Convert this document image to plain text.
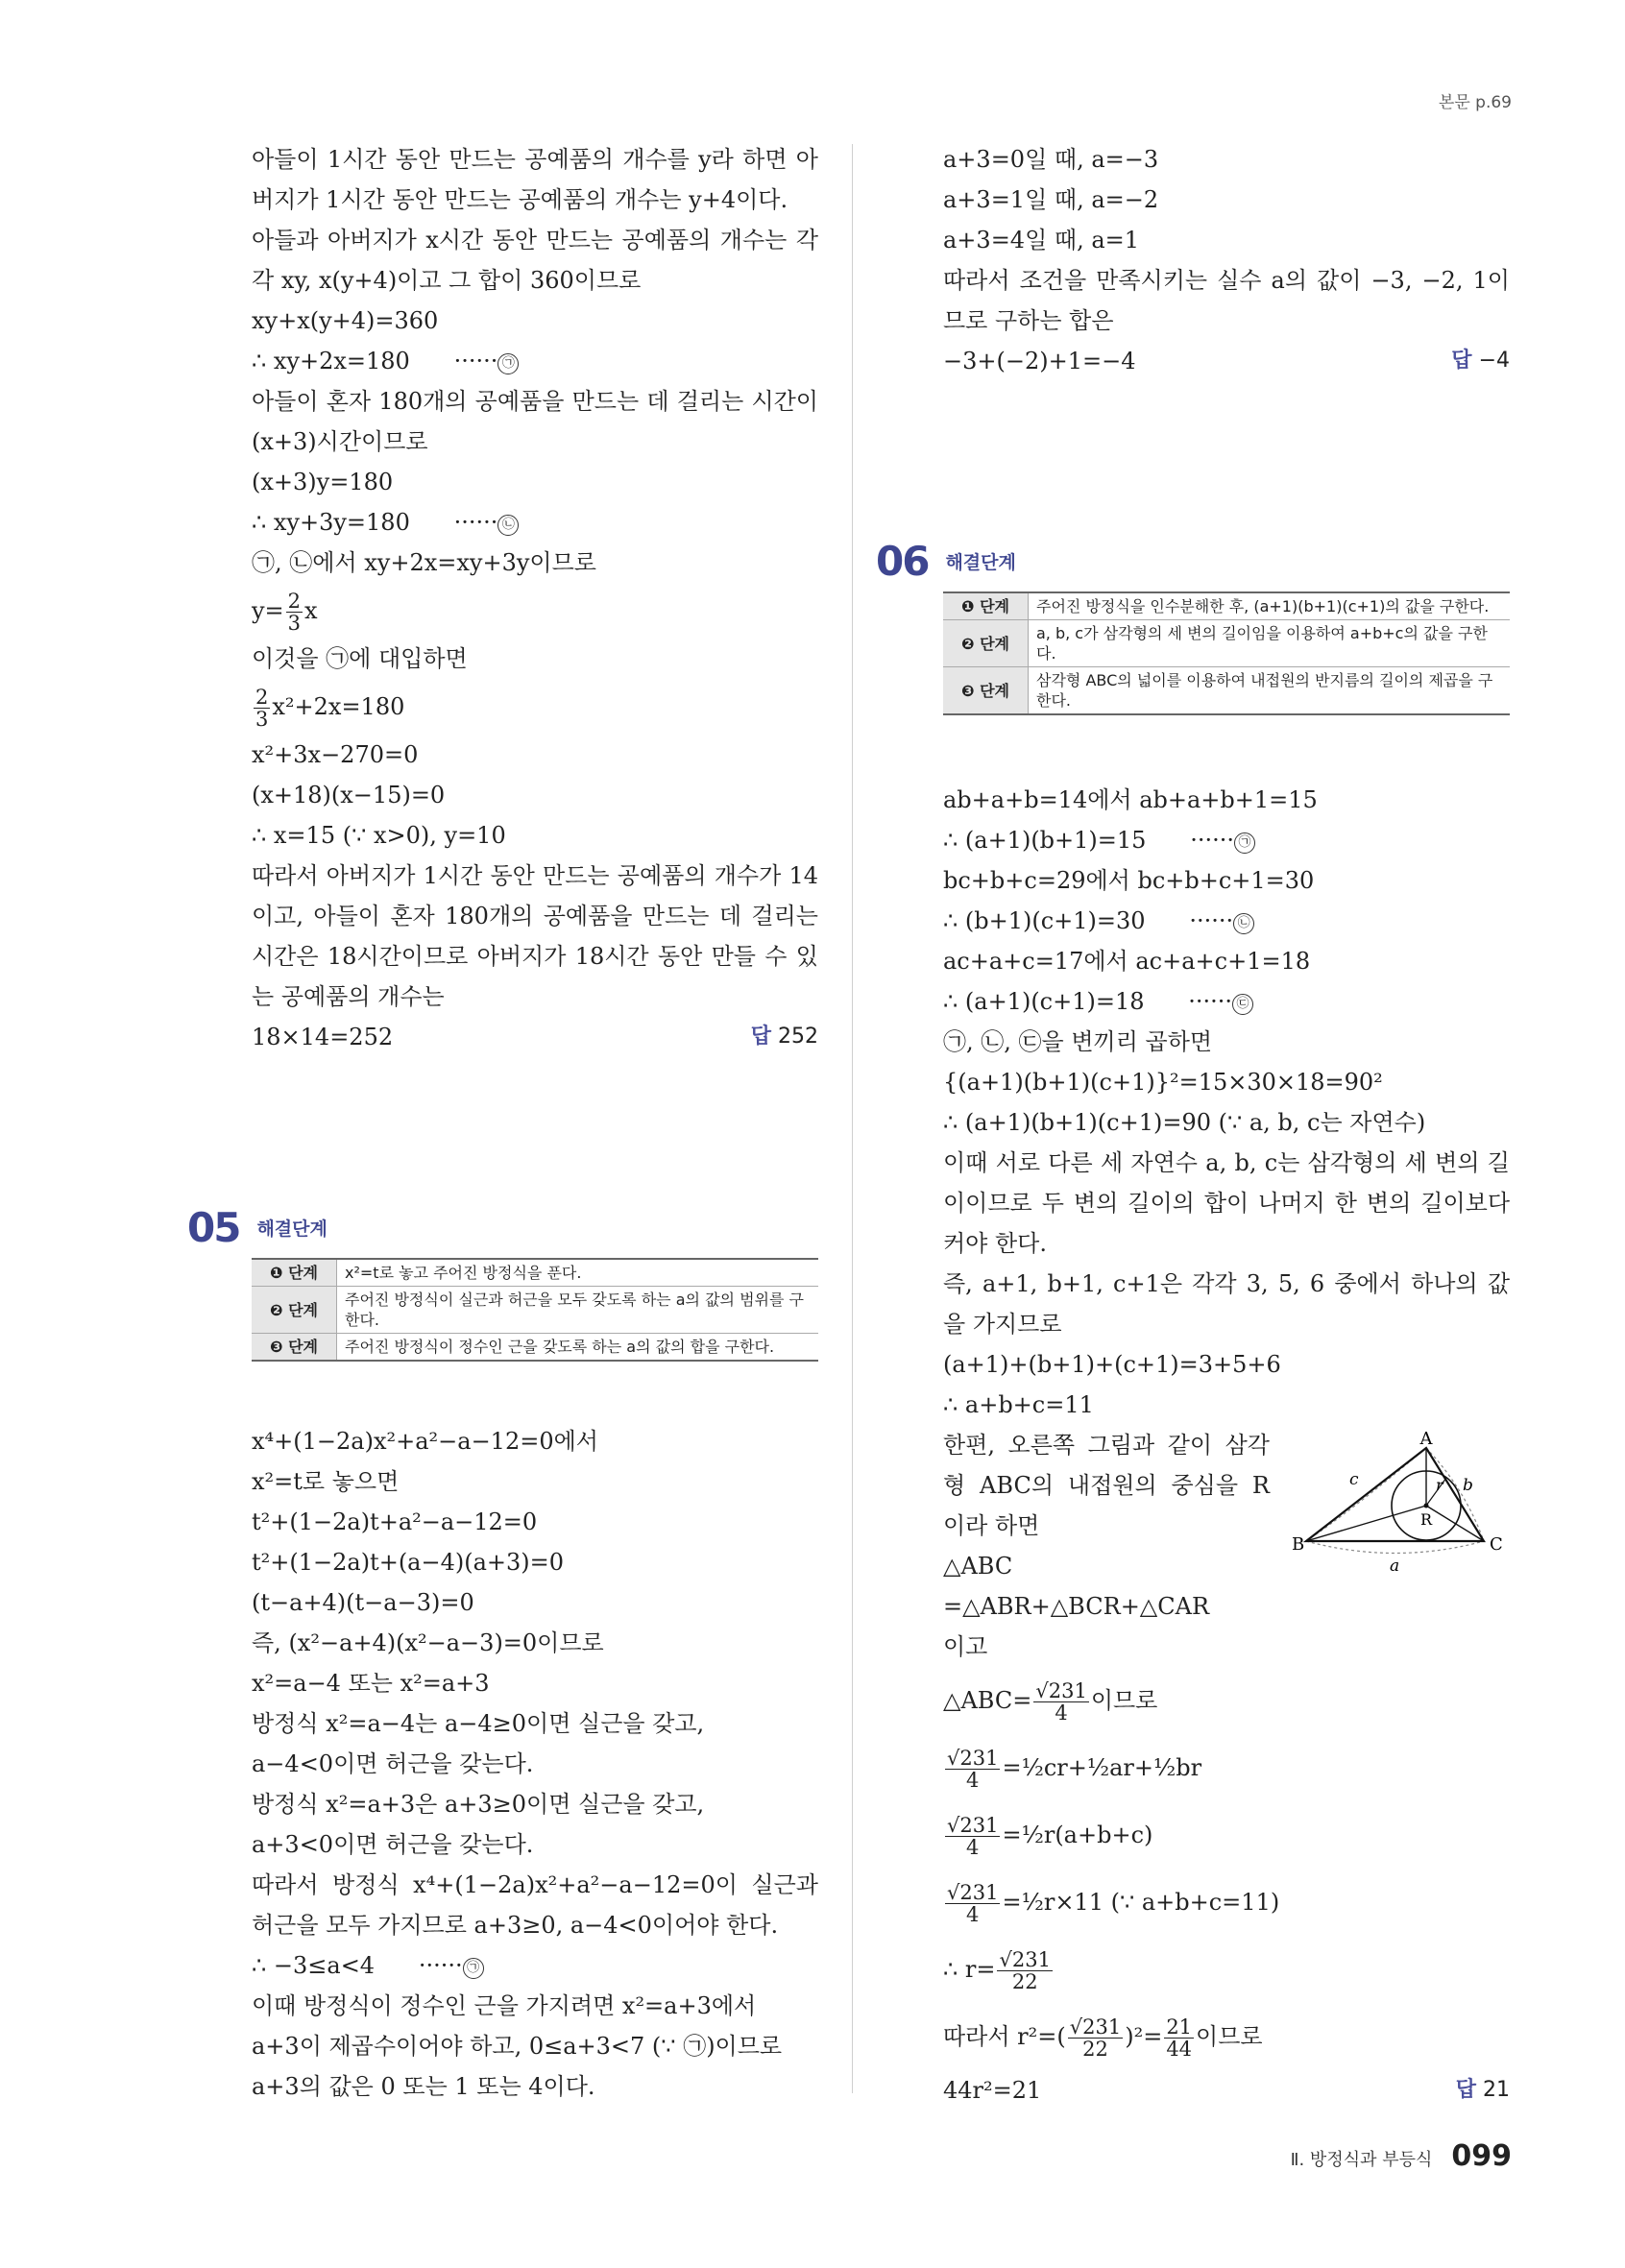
본문 p.69
아들이 1시간 동안 만드는 공예품의 개수를 y라 하면 아
버지가 1시간 동안 만드는 공예품의 개수는 y+4이다.
아들과 아버지가 x시간 동안 만드는 공예품의 개수는 각
각 xy, x(y+4)이고 그 합이 360이므로
xy+x(y+4)=360
∴ xy+2x=180      ······ ㉠
아들이 혼자 180개의 공예품을 만드는 데 걸리는 시간이
(x+3)시간이므로
(x+3)y=180
∴ xy+3y=180      ······ ㉡
㉠, ㉡에서 xy+2x=xy+3y이므로
$y= \frac{2}{3}$ x
이것을 ㉠에 대입하면
$\frac{2}{3} x^2+2x=180$
x²+3x−270=0
(x+18)(x−15)=0
∴ x=15 (∵ x>0), y=10
따라서 아버지가 1시간 동안 만드는 공예품의 개수가 14
이고, 아들이 혼자 180개의 공예품을 만드는 데 걸리는
시간은 18시간이므로 아버지가 18시간 동안 만들 수 있
는 공예품의 개수는
18×14=252	답 252
05 해결단계
❶ 단계	x²=t로 놓고 주어진 방정식을 푼다.
❷ 단계	주어진 방정식이 실근과 허근을 모두 갖도록 하는 a의 값의 범위를 구한다.
❸ 단계	주어진 방정식이 정수인 근을 갖도록 하는 a의 값의 합을 구한다.
x⁴+(1−2a)x²+a²−a−12=0에서
x²=t로 놓으면
t²+(1−2a)t+a²−a−12=0
t²+(1−2a)t+(a−4)(a+3)=0
(t−a+4)(t−a−3)=0
즉, (x²−a+4)(x²−a−3)=0이므로
x²=a−4 또는 x²=a+3
방정식 x²=a−4는 a−4≥0이면 실근을 갖고,
a−4<0이면 허근을 갖는다.
방정식 x²=a+3은 a+3≥0이면 실근을 갖고,
a+3<0이면 허근을 갖는다.
따라서 방정식 x⁴+(1−2a)x²+a²−a−12=0이 실근과
허근을 모두 가지므로 a+3≥0, a−4<0이어야 한다.
∴ −3≤a<4      ······ ㉠
이때 방정식이 정수인 근을 가지려면 x²=a+3에서
a+3이 제곱수이어야 하고, 0≤a+3<7 (∵ ㉠)이므로
a+3의 값은 0 또는 1 또는 4이다.
a+3=0일 때, a=−3
a+3=1일 때, a=−2
a+3=4일 때, a=1
따라서 조건을 만족시키는 실수 a의 값이 −3, −2, 1이
므로 구하는 합은
−3+(−2)+1=−4	답 −4
06 해결단계
❶ 단계	주어진 방정식을 인수분해한 후, (a+1)(b+1)(c+1)의 값을 구한다.
❷ 단계	a, b, c가 삼각형의 세 변의 길이임을 이용하여 a+b+c의 값을 구한다.
❸ 단계	삼각형 ABC의 넓이를 이용하여 내접원의 반지름의 길이의 제곱을 구한다.
ab+a+b=14에서 ab+a+b+1=15
∴ (a+1)(b+1)=15      ······ ㉠
bc+b+c=29에서 bc+b+c+1=30
∴ (b+1)(c+1)=30      ······ ㉡
ac+a+c=17에서 ac+a+c+1=18
∴ (a+1)(c+1)=18      ······ ㉢
㉠, ㉡, ㉢을 변끼리 곱하면
{(a+1)(b+1)(c+1)}²=15×30×18=90²
∴ (a+1)(b+1)(c+1)=90 (∵ a, b, c는 자연수)
이때 서로 다른 세 자연수 a, b, c는 삼각형의 세 변의 길
이이므로 두 변의 길이의 합이 나머지 한 변의 길이보다
커야 한다.
즉, a+1, b+1, c+1은 각각 3, 5, 6 중에서 하나의 값
을 가지므로
(a+1)+(b+1)+(c+1)=3+5+6
∴ a+b+c=11
한편, 오른쪽 그림과 같이 삼각
형 ABC의 내접원의 중심을 R
이라 하면
△ABC
=△ABR+△BCR+△CAR
이고
△ABC= $\frac{√231}{4}$ 이므로
$\frac{√231}{4}$ =½cr+½ar+½br
$\frac{√231}{4}$ =½r(a+b+c)
$\frac{√231}{4}$ =½r×11 (∵ a+b+c=11)
∴ $r= \frac{√231}{22}$
따라서 $r^2=( \frac{√231}{22} )^2= \frac{21}{44}$ 이므로
44r²=21	답 21
A
B	C
R
r
a
b
c
Ⅱ. 방정식과 부등식 099
